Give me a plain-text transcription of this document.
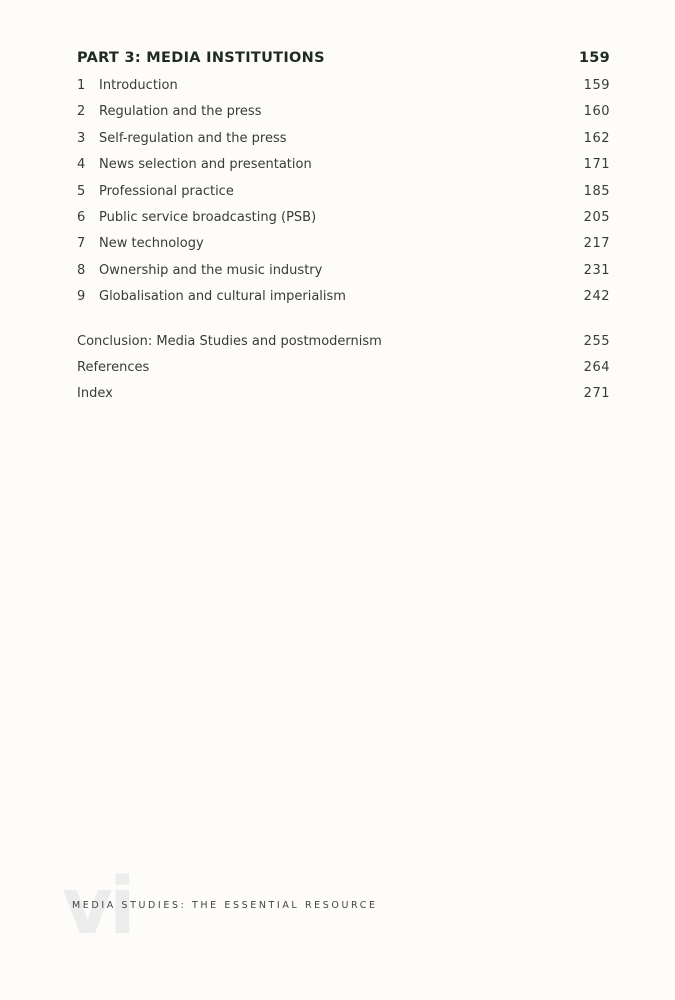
PART 3: MEDIA INSTITUTIONS	159
1	Introduction	159
2	Regulation and the press	160
3	Self-regulation and the press	162
4	News selection and presentation	171
5	Professional practice	185
6	Public service broadcasting (PSB)	205
7	New technology	217
8	Ownership and the music industry	231
9	Globalisation and cultural imperialism	242
Conclusion: Media Studies and postmodernism	255
References	264
Index	271
vi
MEDIA STUDIES: THE ESSENTIAL RESOURCE
